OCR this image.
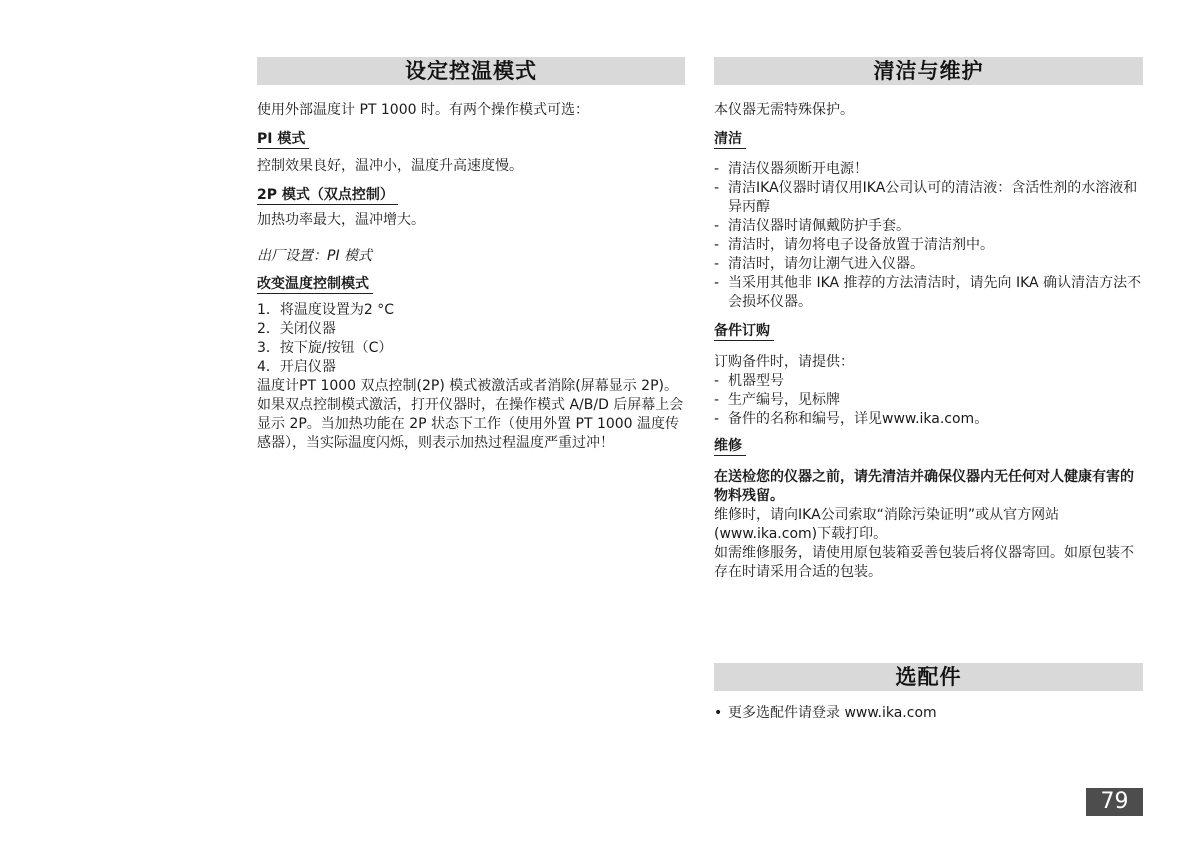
设定控温模式

使用外部温度计 PT 1000 时。有两个操作模式可选：

PI 模式

控制效果良好，温冲小，温度升高速度慢。

2P 模式（双点控制）

加热功率最大，温冲增大。

出厂设置：PI 模式

改变温度控制模式

1．将温度设置为2 °C

2．关闭仪器

3．按下旋/按钮（C）

4．开启仪器

温度计PT 1000 双点控制(2P) 模式被激活或者消除(屏幕显示 2P)。

如果双点控制模式激活，打开仪器时，在操作模式 A/B/D 后屏幕上会显示 2P。当加热功能在 2P 状态下工作（使用外置 PT 1000 温度传感器），当实际温度闪烁，则表示加热过程温度严重过冲！

清洁与维护

本仪器无需特殊保护。

清洁
- 清洁仪器须断开电源！
- 清洁IKA仪器时请仅用IKA公司认可的清洁液：含活性剂的水溶液和异丙醇
- 清洁仪器时请佩戴防护手套。
- 清洁时，请勿将电子设备放置于清洁剂中。
- 清洁时，请勿让潮气进入仪器。
- 当采用其他非 IKA 推荐的方法清洁时，请先向 IKA 确认清洁方法不会损坏仪器。
备件订购

订购备件时，请提供：

- 机器型号
- 生产编号，见标牌
- 备件的名称和编号，详见www.ika.com。
维修

在送检您的仪器之前，请先清洁并确保仪器内无任何对人健康有害的物料残留。

维修时，请向IKA公司索取“消除污染证明”或从官方网站(www.ika.com)下载打印。

如需维修服务，请使用原包装箱妥善包装后将仪器寄回。如原包装不存在时请采用合适的包装。

选配件
• 更多选配件请登录 www.ika.com
79
